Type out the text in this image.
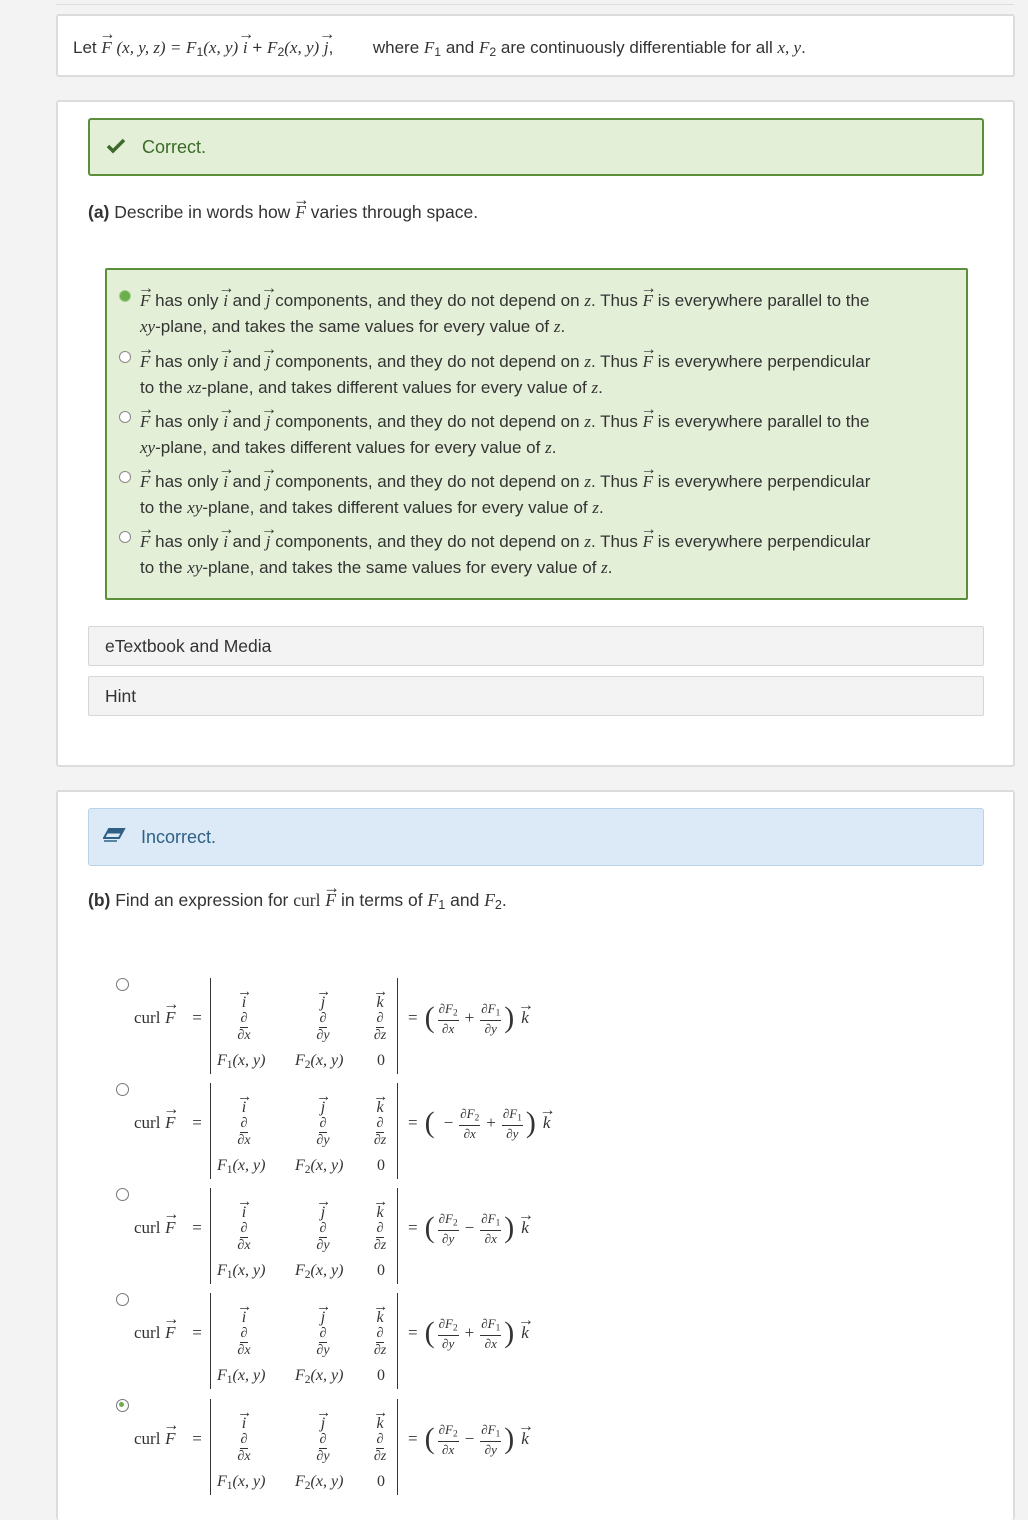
Let → F (x, y, $z) = F_1(x$, $y) \to i + F_2(x$, y) → j, where $F_1$ and $F_2$ are continuously differentiable for all x, y.
Correct.
(a) Describe in words how → F varies through space.
→ F has only → i and → j components, and they do not depend on z. Thus → F is everywhere parallel to the
xy-plane, and takes the same values for every value of z.
→ F has only → i and → j components, and they do not depend on z. Thus → F is everywhere perpendicular
to the xz-plane, and takes different values for every value of z.
→ F has only → i and → j components, and they do not depend on z. Thus → F is everywhere parallel to the
xy-plane, and takes different values for every value of z.
→ F has only → i and → j components, and they do not depend on z. Thus → F is everywhere perpendicular
to the xy-plane, and takes different values for every value of z.
→ F has only → i and → j components, and they do not depend on z. Thus → F is everywhere perpendicular
to the xy-plane, and takes the same values for every value of z.
eTextbook and Media
Hint
Incorrect.
(b) Find an expression for curl → F in terms of $F_1$ and $F_2$.
curl → F =
→ i	→ j	→ k
$\frac{\partial}{\partial x}$	$\frac{\partial}{\partial y}$	$\frac{\partial}{\partial z}$
$F_1(x$, y) $F_2(x$, y) 0
= ( $\frac{\partial F_2}{\partial x} + \frac{\partial F_1}{\partial y}$ ) → k
curl → F =
→ i	→ j	→ k
$\frac{\partial}{\partial x}$	$\frac{\partial}{\partial y}$	$\frac{\partial}{\partial z}$
$F_1(x$, y) $F_2(x$, y) 0
= ( − $\frac{\partial F_2}{\partial x} + \frac{\partial F_1}{\partial y}$ ) → k
curl → F =
→ i	→ j	→ k
$\frac{\partial}{\partial x}$	$\frac{\partial}{\partial y}$	$\frac{\partial}{\partial z}$
$F_1(x$, y) $F_2(x$, y) 0
= ( $\frac{\partial F_2}{\partial y} - \frac{\partial F_1}{\partial x}$ ) → k
curl → F =
→ i	→ j	→ k
$\frac{\partial}{\partial x}$	$\frac{\partial}{\partial y}$	$\frac{\partial}{\partial z}$
$F_1(x$, y) $F_2(x$, y) 0
= ( $\frac{\partial F_2}{\partial y} + \frac{\partial F_1}{\partial x}$ ) → k
curl → F =
→ i	→ j	→ k
$\frac{\partial}{\partial x}$	$\frac{\partial}{\partial y}$	$\frac{\partial}{\partial z}$
$F_1(x$, y) $F_2(x$, y) 0
= ( $\frac{\partial F_2}{\partial x} - \frac{\partial F_1}{\partial y}$ ) → k
